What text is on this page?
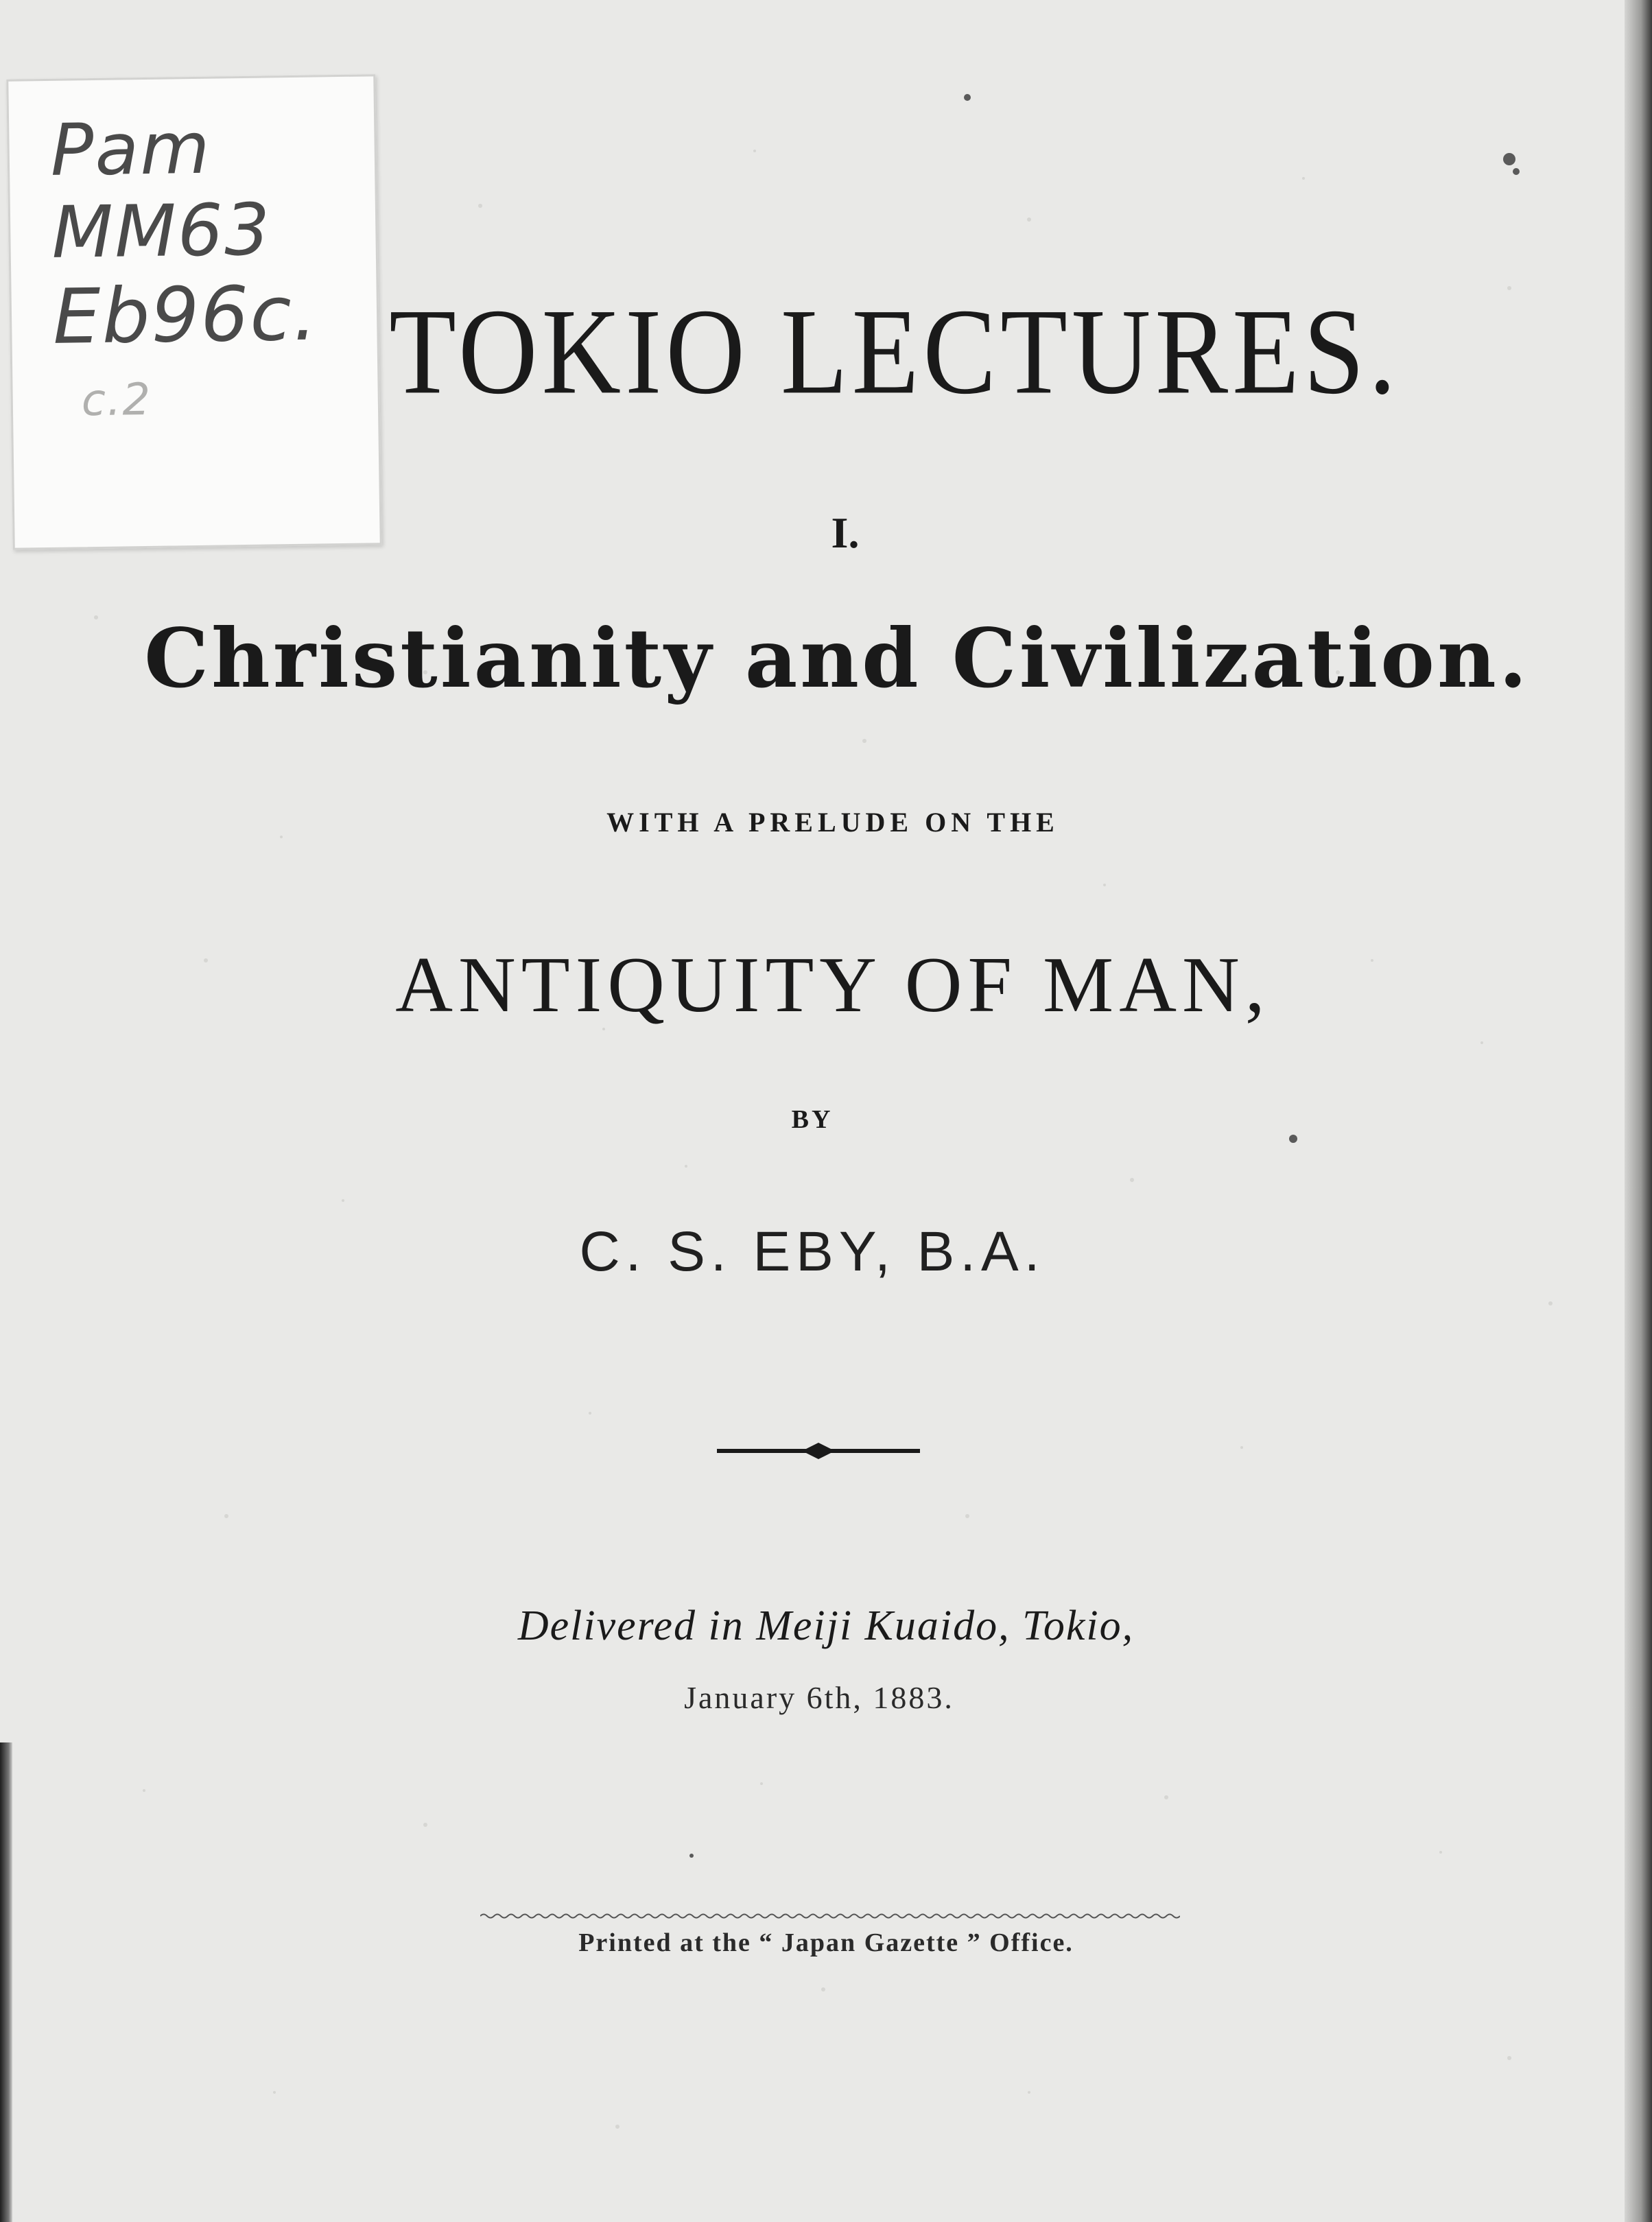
Pam
MM63
Eb96c.
c.2	TOKIO LECTURES.
I.
Christianity and Civilization.
WITH A PRELUDE ON THE
ANTIQUITY OF MAN,
BY
C. S. EBY, B.A.
Delivered in Meiji Kuaido, Tokio,
January 6th, 1883.
Printed at the “ Japan Gazette ” Office.
